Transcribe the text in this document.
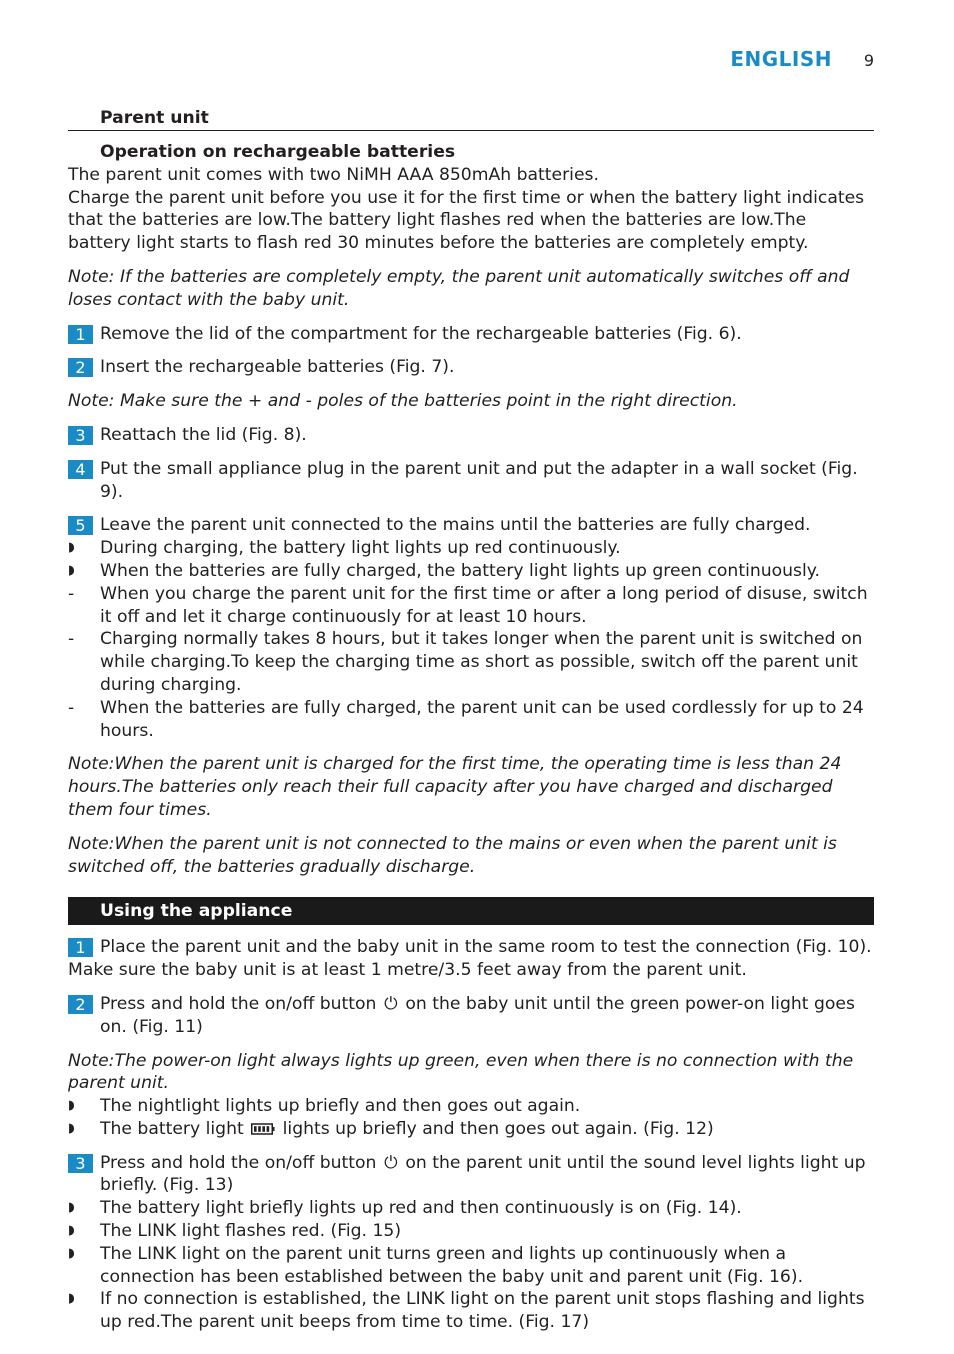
ENGLISH 9
Parent unit
Operation on rechargeable batteries

The parent unit comes with two NiMH AAA 850mAh batteries.

Charge the parent unit before you use it for the first time or when the battery light indicates that the batteries are low.The battery light flashes red when the batteries are low.The battery light starts to flash red 30 minutes before the batteries are completely empty.

Note: If the batteries are completely empty, the parent unit automatically switches off and loses contact with the baby unit.

1 Remove the lid of the compartment for the rechargeable batteries (Fig. 6).
2 Insert the rechargeable batteries (Fig. 7).

Note: Make sure the + and - poles of the batteries point in the right direction.

3 Reattach the lid (Fig. 8).
4 Put the small appliance plug in the parent unit and put the adapter in a wall socket (Fig. 9).
5 Leave the parent unit connected to the mains until the batteries are fully charged.
◗	During charging, the battery light lights up red continuously.
◗	When the batteries are fully charged, the battery light lights up green continuously.
-	When you charge the parent unit for the first time or after a long period of disuse, switch it off and let it charge continuously for at least 10 hours.
-	Charging normally takes 8 hours, but it takes longer when the parent unit is switched on while charging.To keep the charging time as short as possible, switch off the parent unit during charging.
-	When the batteries are fully charged, the parent unit can be used cordlessly for up to 24 hours.

Note:When the parent unit is charged for the first time, the operating time is less than 24 hours.The batteries only reach their full capacity after you have charged and discharged them four times.

Note:When the parent unit is not connected to the mains or even when the parent unit is switched off, the batteries gradually discharge.

Using the appliance
1 Place the parent unit and the baby unit in the same room to test the connection (Fig. 10).

Make sure the baby unit is at least 1 metre/3.5 feet away from the parent unit.

2 Press and hold the on/off button ⏻ on the baby unit until the green power-on light goes on. (Fig. 11)

Note:The power-on light always lights up green, even when there is no connection with the parent unit.

◗	The nightlight lights up briefly and then goes out again.
◗	The battery light lights up briefly and then goes out again. (Fig. 12)
3 Press and hold the on/off button ⏻ on the parent unit until the sound level lights light up briefly. (Fig. 13)
◗	The battery light briefly lights up red and then continuously is on (Fig. 14).
◗	The LINK light flashes red. (Fig. 15)
◗	The LINK light on the parent unit turns green and lights up continuously when a connection has been established between the baby unit and parent unit (Fig. 16).
◗	If no connection is established, the LINK light on the parent unit stops flashing and lights up red.The parent unit beeps from time to time. (Fig. 17)
